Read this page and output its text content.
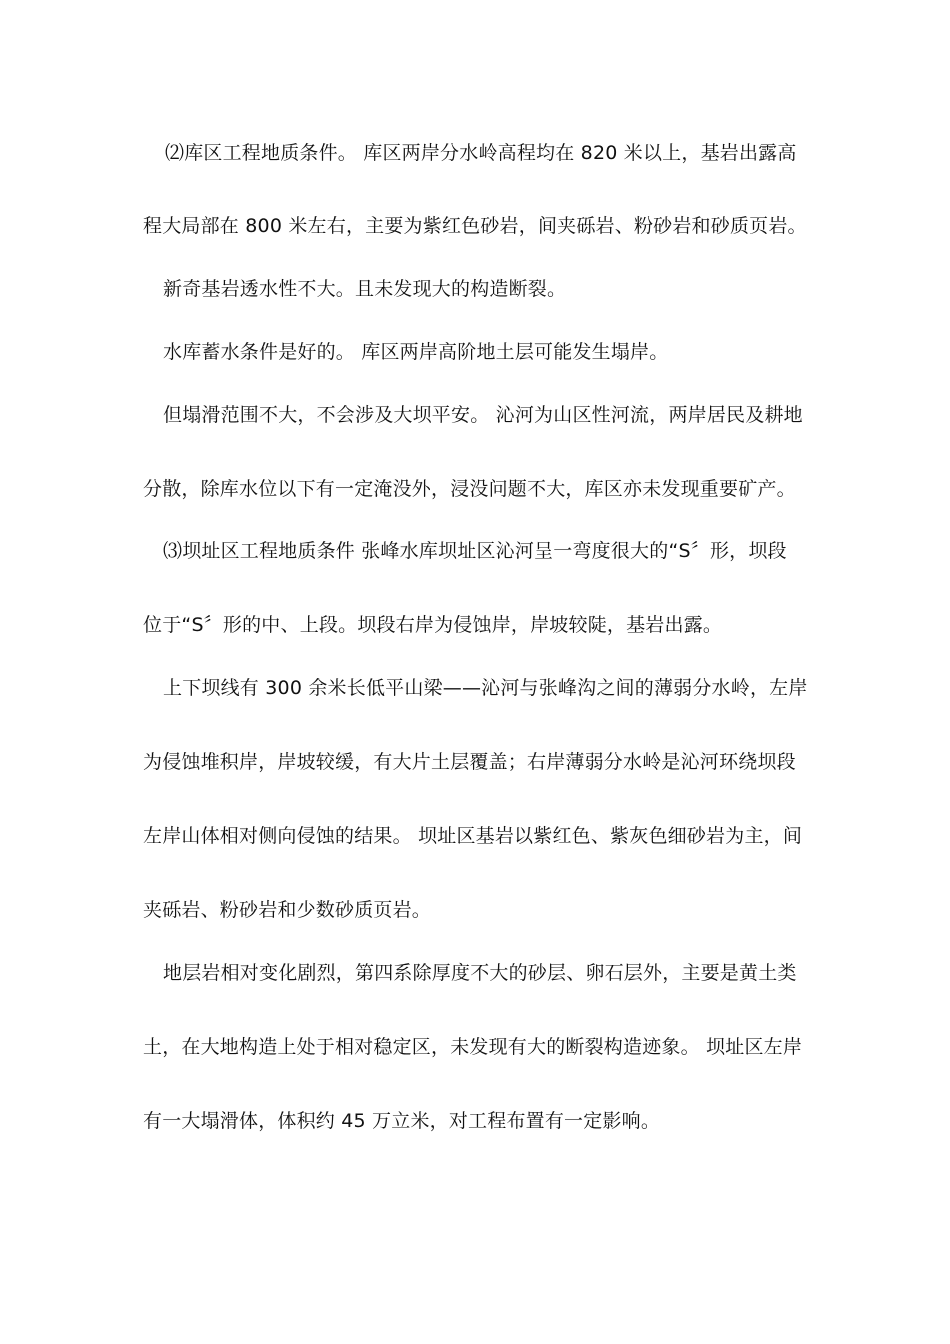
⑵库区工程地质条件。 库区两岸分水岭高程均在 820 米以上，基岩出露高
程大局部在 800 米左右，主要为紫红色砂岩，间夹砾岩、粉砂岩和砂质页岩。
新奇基岩透水性不大。且未发现大的构造断裂。
水库蓄水条件是好的。 库区两岸高阶地土层可能发生塌岸。
但塌滑范围不大，不会涉及大坝平安。 沁河为山区性河流，两岸居民及耕地
分散，除库水位以下有一定淹没外，浸没问题不大，库区亦未发现重要矿产。
⑶坝址区工程地质条件 张峰水库坝址区沁河呈一弯度很大的“S〞形，坝段
位于“S〞形的中、上段。坝段右岸为侵蚀岸，岸坡较陡，基岩出露。
上下坝线有 300 余米长低平山梁——沁河与张峰沟之间的薄弱分水岭，左岸
为侵蚀堆积岸，岸坡较缓，有大片土层覆盖；右岸薄弱分水岭是沁河环绕坝段
左岸山体相对侧向侵蚀的结果。 坝址区基岩以紫红色、紫灰色细砂岩为主，间
夹砾岩、粉砂岩和少数砂质页岩。
地层岩相对变化剧烈，第四系除厚度不大的砂层、卵石层外，主要是黄土类
土，在大地构造上处于相对稳定区，未发现有大的断裂构造迹象。 坝址区左岸
有一大塌滑体，体积约 45 万立米，对工程布置有一定影响。
